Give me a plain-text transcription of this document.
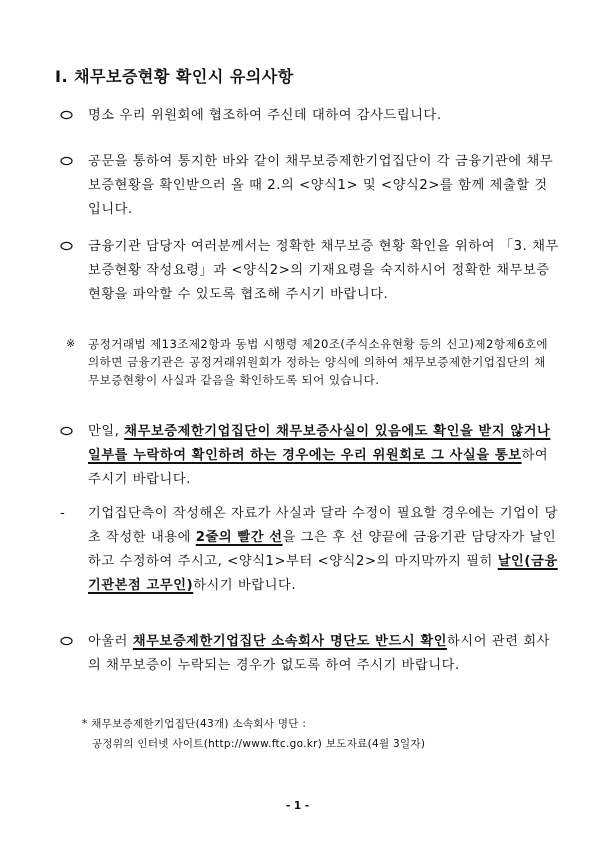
Ⅰ. 채무보증현황 확인시 유의사항
명소 우리 위원회에 협조하여 주신데 대하여 감사드립니다.
공문을 통하여 통지한 바와 같이 채무보증제한기업집단이 각 금융기관에 채무보증현황을 확인받으러 올 때 2.의 <양식1> 및 <양식2>를 함께 제출할 것입니다.
금융기관 담당자 여러분께서는 정확한 채무보증 현황 확인을 위하여 「3. 채무보증현황 작성요령」과 <양식2>의 기재요령을 숙지하시어 정확한 채무보증현황을 파악할 수 있도록 협조해 주시기 바랍니다.
※ 공정거래법 제13조제2항과 동법 시행령 제20조(주식소유현황 등의 신고)제2항제6호에 의하면 금융기관은 공정거래위원회가 정하는 양식에 의하여 채무보증제한기업집단의 채무보증현황이 사실과 같음을 확인하도록 되어 있습니다.
만일, 채무보증제한기업집단이 채무보증사실이 있음에도 확인을 받지 않거나 일부를 누락하여 확인하려 하는 경우에는 우리 위원회로 그 사실을 통보하여 주시기 바랍니다.
- 기업집단측이 작성해온 자료가 사실과 달라 수정이 필요할 경우에는 기업이 당초 작성한 내용에 2줄의 빨간 선을 그은 후 선 양끝에 금융기관 담당자가 날인하고 수정하여 주시고, <양식1>부터 <양식2>의 마지막까지 필히 날인(금융기관본점 고무인)하시기 바랍니다.
아울러 채무보증제한기업집단 소속회사 명단도 반드시 확인하시어 관련 회사의 채무보증이 누락되는 경우가 없도록 하여 주시기 바랍니다.
* 채무보증제한기업집단(43개) 소속회사 명단 :
공정위의 인터넷 사이트(http://www.ftc.go.kr) 보도자료(4월 3일자)
- 1 -
